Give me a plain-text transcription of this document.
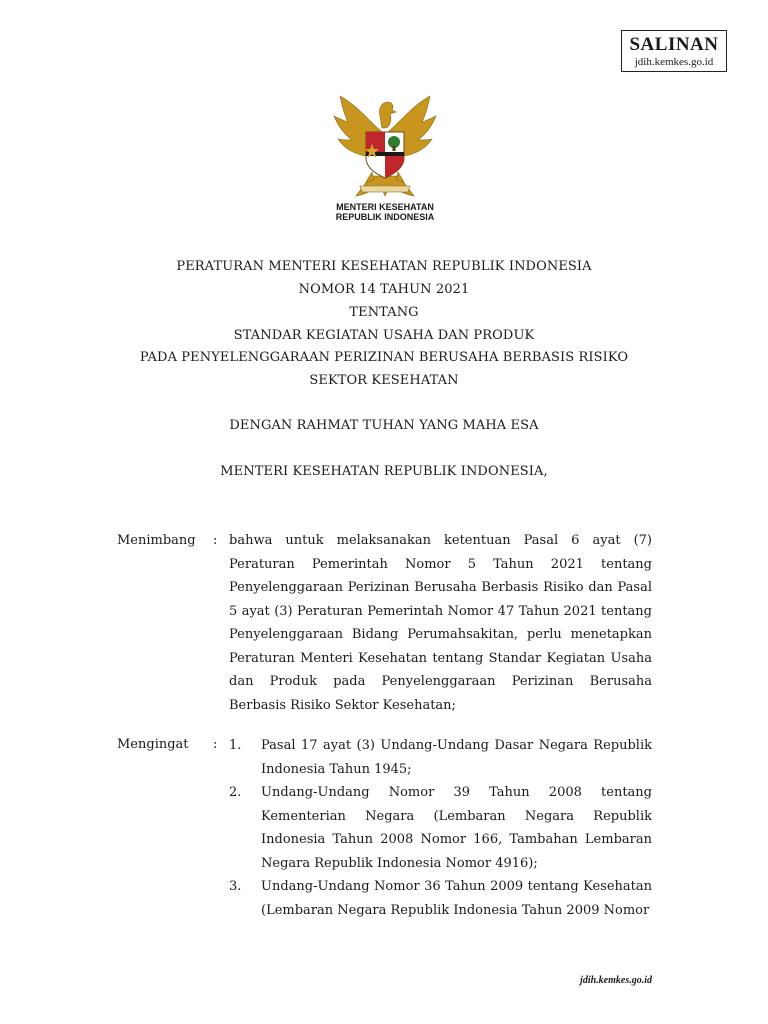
SALINAN
jdih.kemkes.go.id
MENTERI KESEHATAN
REPUBLIK INDONESIA
PERATURAN MENTERI KESEHATAN REPUBLIK INDONESIA
NOMOR 14 TAHUN 2021
TENTANG
STANDAR KEGIATAN USAHA DAN PRODUK
PADA PENYELENGGARAAN PERIZINAN BERUSAHA BERBASIS RISIKO
SEKTOR KESEHATAN
DENGAN RAHMAT TUHAN YANG MAHA ESA
MENTERI KESEHATAN REPUBLIK INDONESIA,
Menimbang : bahwa untuk melaksanakan ketentuan Pasal 6 ayat (7) Peraturan Pemerintah Nomor 5 Tahun 2021 tentang Penyelenggaraan Perizinan Berusaha Berbasis Risiko dan Pasal 5 ayat (3) Peraturan Pemerintah Nomor 47 Tahun 2021 tentang Penyelenggaraan Bidang Perumahsakitan, perlu menetapkan Peraturan Menteri Kesehatan tentang Standar Kegiatan Usaha dan Produk pada Penyelenggaraan Perizinan Berusaha Berbasis Risiko Sektor Kesehatan;

Mengingat : 1. Pasal 17 ayat (3) Undang-Undang Dasar Negara Republik Indonesia Tahun 1945;
2. Undang-Undang Nomor 39 Tahun 2008 tentang Kementerian Negara (Lembaran Negara Republik Indonesia Tahun 2008 Nomor 166, Tambahan Lembaran Negara Republik Indonesia Nomor 4916);
3. Undang-Undang Nomor 36 Tahun 2009 tentang Kesehatan (Lembaran Negara Republik Indonesia Tahun 2009 Nomor
jdih.kemkes.go.id
